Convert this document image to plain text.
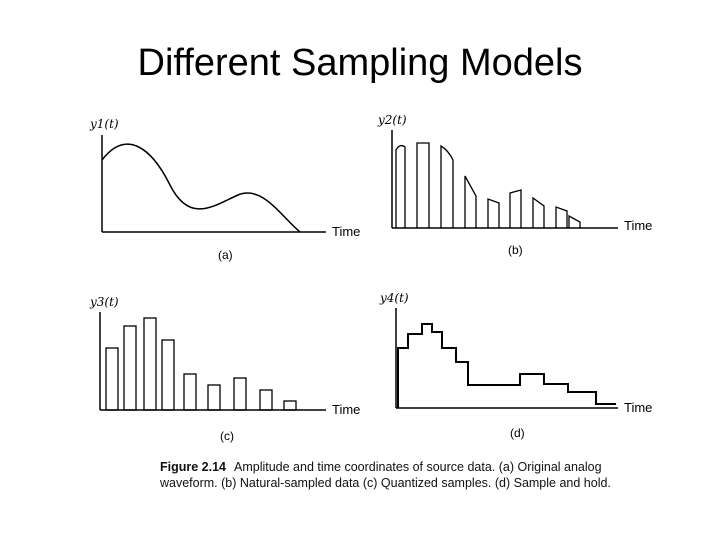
Different Sampling Models
y1(t)
Time
(a)
y2(t)
Time
(b)
y3(t)
Time
(c)
y4(t)
Time
(d)
Figure 2.14 Amplitude and time coordinates of source data. (a) Original analog waveform. (b) Natural-sampled data (c) Quantized samples. (d) Sample and hold.
